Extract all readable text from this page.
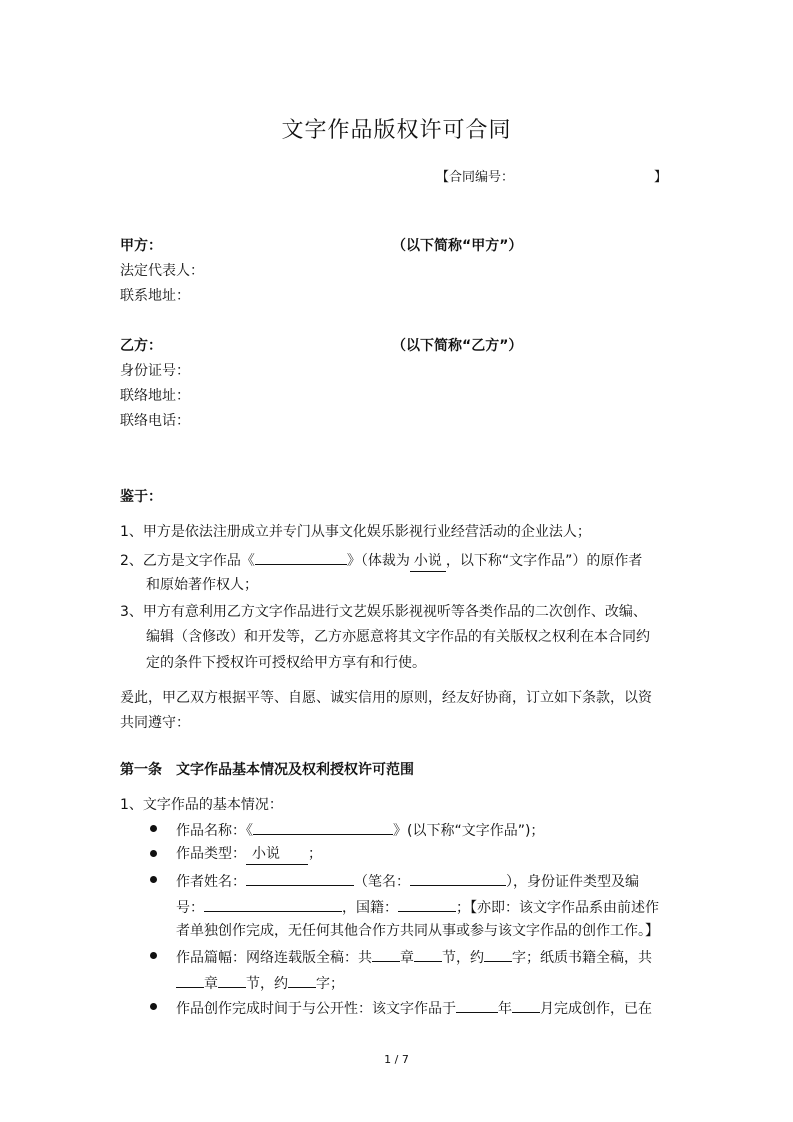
文字作品版权许可合同
【合同编号：	】
甲方：	（以下简称“甲方”）
法定代表人：
联系地址：
乙方：	（以下简称“乙方”）
身份证号：
联络地址：
联络电话：
鉴于：
1、甲方是依法注册成立并专门从事文化娱乐影视行业经营活动的企业法人；
2、乙方是文字作品《	》（体裁为 小说 ，以下称“文字作品”）的原作者
和原始著作权人；
3、甲方有意利用乙方文字作品进行文艺娱乐影视视听等各类作品的二次创作、改编、
编辑（含修改）和开发等，乙方亦愿意将其文字作品的有关版权之权利在本合同约
定的条件下授权许可授权给甲方享有和行使。
爰此，甲乙双方根据平等、自愿、诚实信用的原则，经友好协商，订立如下条款，以资
共同遵守：
第一条　文字作品基本情况及权利授权许可范围
1、文字作品的基本情况：
作品名称：《	》(以下称“文字作品”)；
作品类型： 小说 ；
作者姓名：	（笔名：	），身份证件类型及编
号：	，国籍：	；【亦即：该文字作品系由前述作
者单独创作完成，无任何其他合作方共同从事或参与该文字作品的创作工作。】
作品篇幅：网络连载版全稿：共 章 节，约 字；纸质书籍全稿，共
章 节，约 字；
作品创作完成时间于与公开性：该文字作品于	年 月完成创作，已在
1 / 7
